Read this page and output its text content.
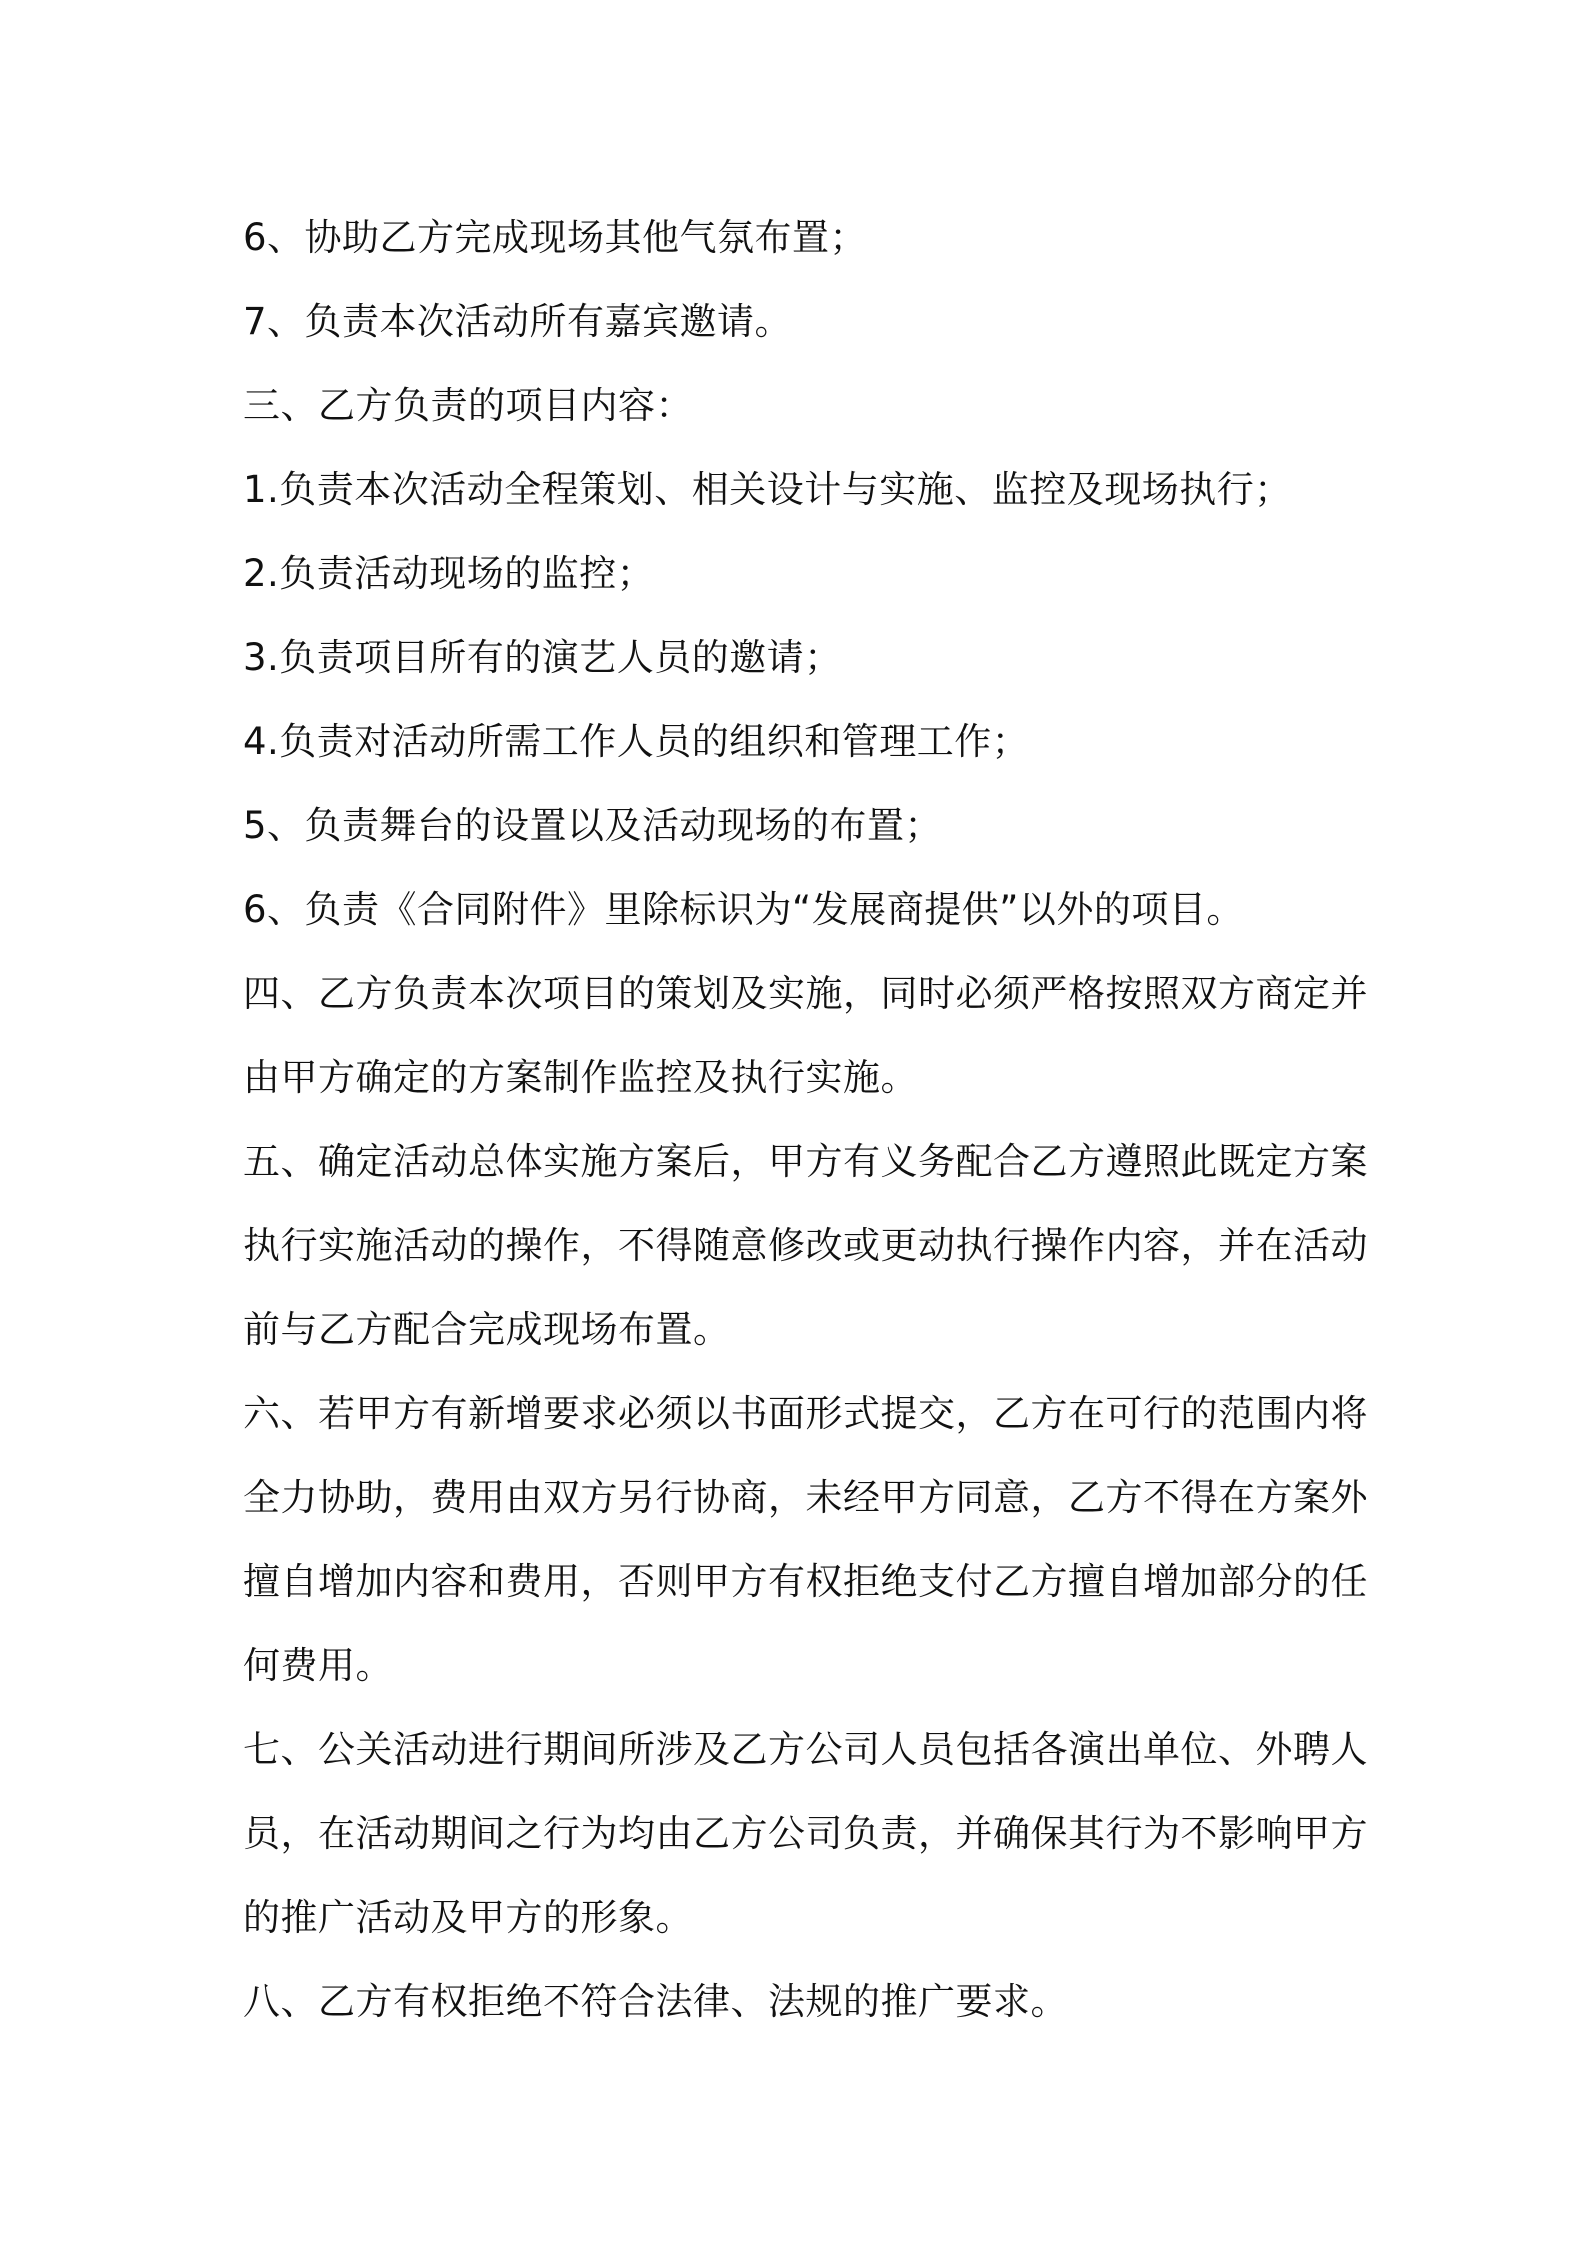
6、协助乙方完成现场其他气氛布置；
7、负责本次活动所有嘉宾邀请。
三、乙方负责的项目内容：
1.负责本次活动全程策划、相关设计与实施、监控及现场执行；
2.负责活动现场的监控；
3.负责项目所有的演艺人员的邀请；
4.负责对活动所需工作人员的组织和管理工作；
5、负责舞台的设置以及活动现场的布置；
6、负责《合同附件》里除标识为“发展商提供”以外的项目。
四、乙方负责本次项目的策划及实施，同时必须严格按照双方商定并
由甲方确定的方案制作监控及执行实施。
五、确定活动总体实施方案后，甲方有义务配合乙方遵照此既定方案
执行实施活动的操作，不得随意修改或更动执行操作内容，并在活动
前与乙方配合完成现场布置。
六、若甲方有新增要求必须以书面形式提交，乙方在可行的范围内将
全力协助，费用由双方另行协商，未经甲方同意，乙方不得在方案外
擅自增加内容和费用，否则甲方有权拒绝支付乙方擅自增加部分的任
何费用。
七、公关活动进行期间所涉及乙方公司人员包括各演出单位、外聘人
员，在活动期间之行为均由乙方公司负责，并确保其行为不影响甲方
的推广活动及甲方的形象。
八、乙方有权拒绝不符合法律、法规的推广要求。
